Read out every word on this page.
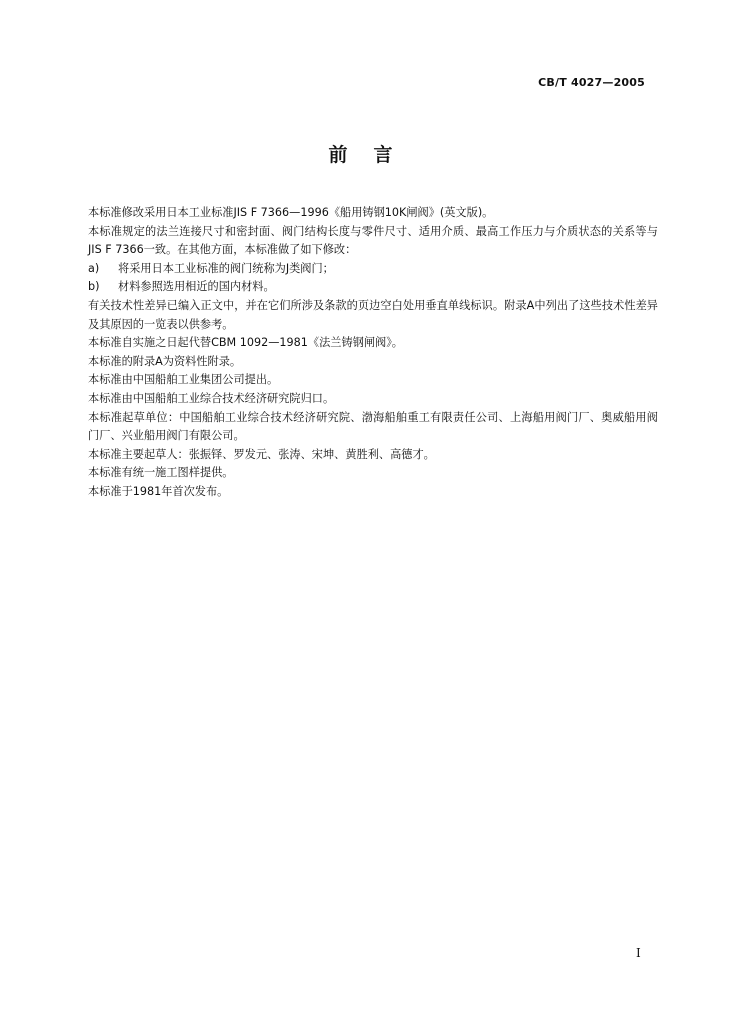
CB/T 4027—2005
前言
本标准修改采用日本工业标准JIS F 7366—1996《船用铸钢10K闸阀》(英文版)。
本标准规定的法兰连接尺寸和密封面、阀门结构长度与零件尺寸、适用介质、最高工作压力与介质状态的关系等与JIS F 7366一致。在其他方面，本标准做了如下修改：
a) 将采用日本工业标准的阀门统称为J类阀门；
b) 材料参照选用相近的国内材料。
有关技术性差异已编入正文中，并在它们所涉及条款的页边空白处用垂直单线标识。附录A中列出了这些技术性差异及其原因的一览表以供参考。
本标准自实施之日起代替CBM 1092—1981《法兰铸钢闸阀》。
本标准的附录A为资料性附录。
本标准由中国船舶工业集团公司提出。
本标准由中国船舶工业综合技术经济研究院归口。
本标准起草单位：中国船舶工业综合技术经济研究院、渤海船舶重工有限责任公司、上海船用阀门厂、奥威船用阀门厂、兴业船用阀门有限公司。
本标准主要起草人：张振铎、罗发元、张涛、宋坤、黄胜利、高德才。
本标准有统一施工图样提供。
本标准于1981年首次发布。
I
